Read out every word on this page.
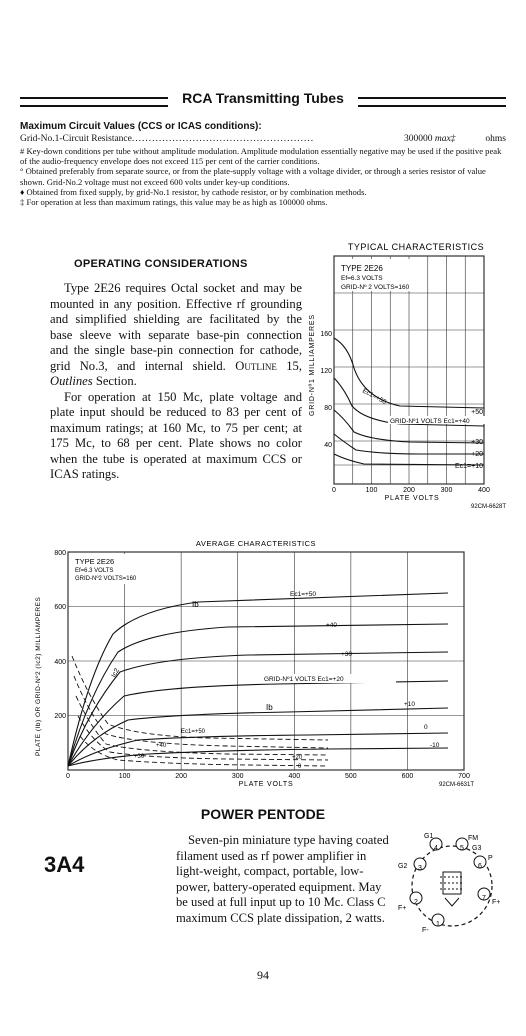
RCA Transmitting Tubes
Maximum Circuit Values (CCS or ICAS conditions):
Grid-No.1-Circuit Resistance ......................................................	300000 max‡	ohms

# Key-down conditions per tube without amplitude modulation. Amplitude modulation essentially negative may be used if the positive peak of the audio-frequency envelope does not exceed 115 per cent of the carrier conditions.

° Obtained preferably from separate source, or from the plate-supply voltage with a voltage divider, or through a series resistor of value shown. Grid-No.2 voltage must not exceed 600 volts under key-up conditions.

♦ Obtained from fixed supply, by grid-No.1 resistor, by cathode resistor, or by combination methods.

‡ For operation at less than maximum ratings, this value may be as high as 100000 ohms.

OPERATING CONSIDERATIONS

Type 2E26 requires Octal socket and may be mounted in any position. Effective rf grounding and simplified shielding are facilitated by the base sleeve with separate base-pin connection and the single base-pin connection for cathode, grid No.3, and internal shield. Outline 15, Outlines Section.

For operation at 150 Mc, plate voltage and plate input should be reduced to 83 per cent of maximum ratings; at 160 Mc, to 75 per cent; at 175 Mc, to 68 per cent. Plate shows no color when the tube is operated at maximum CCS or ICAS ratings.

TYPICAL CHARACTERISTICS
TYPE 2E26
Ef=6.3 VOLTS
GRID-Nº 2 VOLTS=160
Ec1=+50
GRID-Nº1 VOLTS Ec1=+40
+50
+30
+20
Ec1=+10
160
120
80
40
GRID-Nº1 MILLIAMPERES
0	100	200	300	400
PLATE VOLTS
92CM-6628T
AVERAGE CHARACTERISTICS
TYPE 2E26
Ef=6.3 VOLTS
GRID-Nº2 VOLTS=160
Ib
Ib
Ic2
Ec1=+50
+40
+30
GRID-Nº1 VOLTS Ec1=+20
+10
0
-10
Ec1=+50
+40
+30	+20
0
800
600
400
200
PLATE (Ib) OR GRID-Nº2 (Ic2) MILLIAMPERES
0	100	200	300	400	500	600	700
PLATE VOLTS	92CM-6631T
POWER PENTODE
3A4

Seven-pin miniature type having coated filament used as rf power amplifier in light-weight, compact, portable, low-power, battery-operated equipment. May be used at full input up to 10 Mc. Class C maximum CCS plate dissipation, 2 watts.

G1	FM
G3
P
G2
F+
F+
F-
4	5
6
3
2
7
1
94
